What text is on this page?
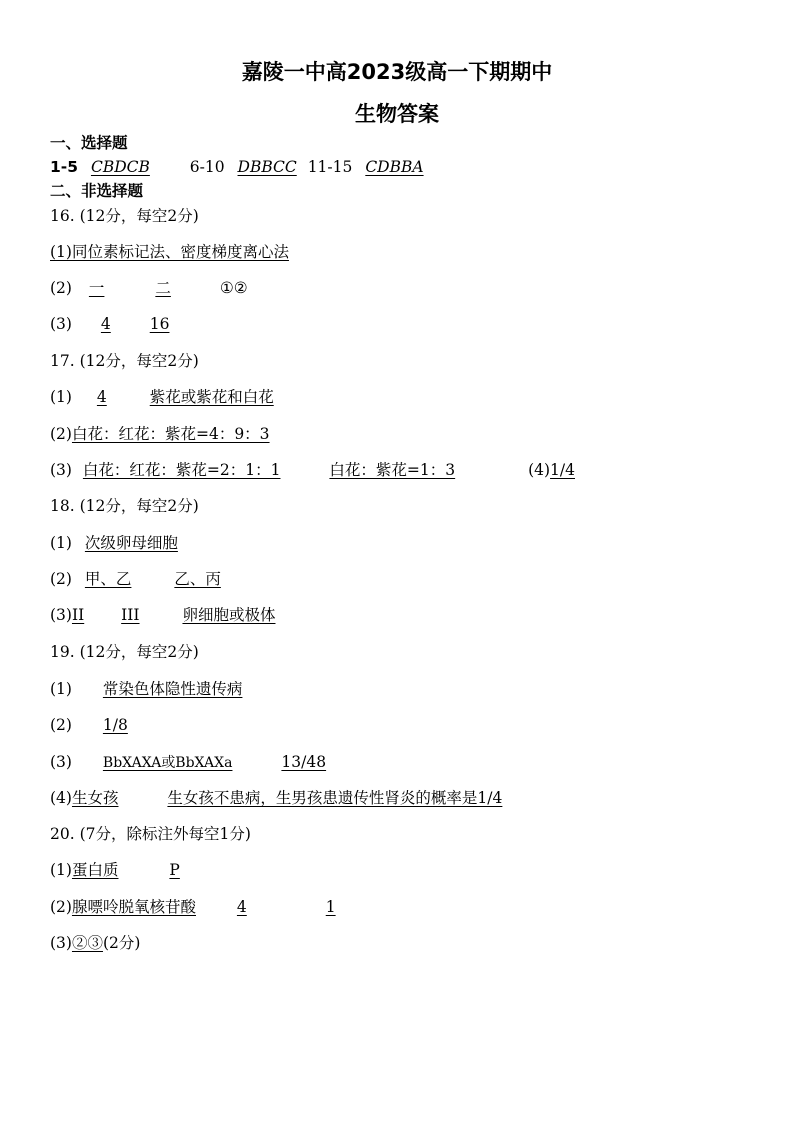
嘉陵一中高2023级高一下期期中
生物答案
一、选择题
1-5 CBDCB	6-10 DBBCC 11-15 CDBBA
二、非选择题
16. (12分，每空2分)
(1)同位素标记法、密度梯度离心法
(2) 一	二	①②
(3) 4	16
17. (12分，每空2分)
(1) 4	紫花或紫花和白花
(2)白花：红花：紫花=4：9：3
(3) 白花：红花：紫花=2：1：1	白花：紫花=1：3	(4)1/4
18. (12分，每空2分)
(1) 次级卵母细胞
(2) 甲、乙	乙、丙
(3)II III	卵细胞或极体
19. (12分，每空2分)
(1) 常染色体隐性遗传病
(2) 1/8
(3) BbXAXA或BbXAXa	13/48
(4)生女孩	生女孩不患病，生男孩患遗传性肾炎的概率是1/4
20. (7分，除标注外每空1分)
(1)蛋白质	P
(2)腺嘌呤脱氧核苷酸	4	1
(3)②③(2分)
